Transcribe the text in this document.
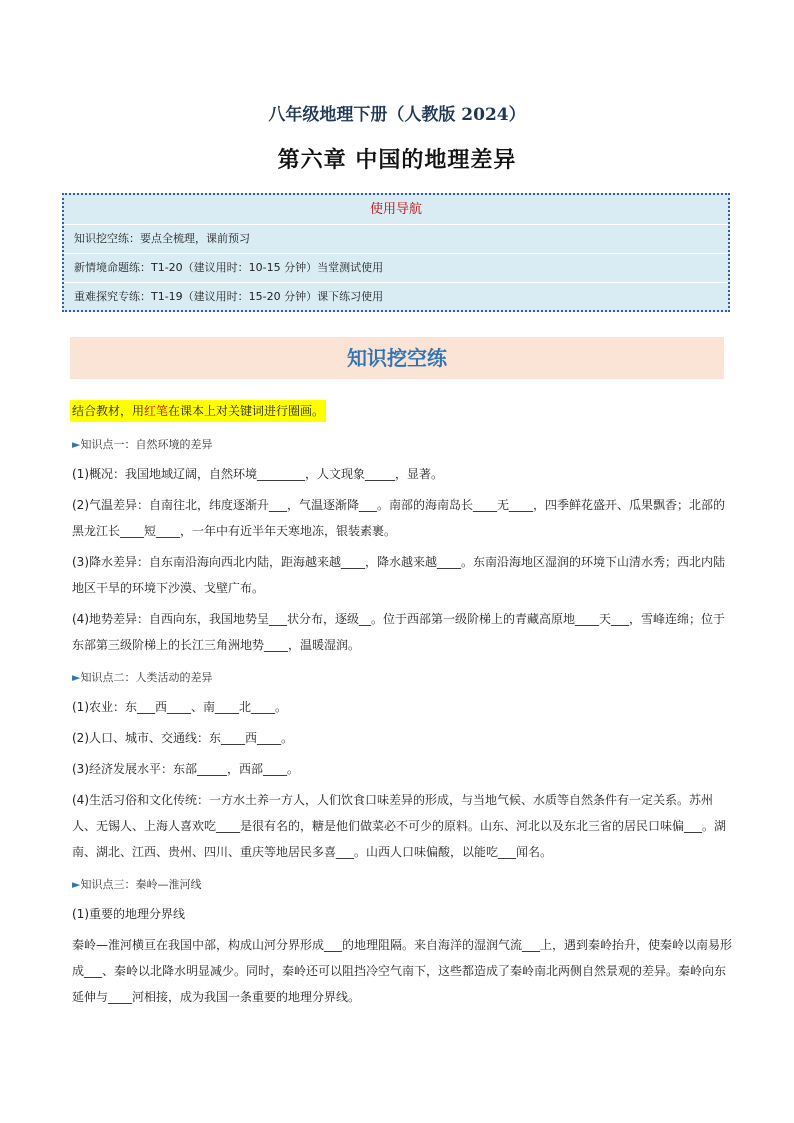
八年级地理下册（人教版 2024）
第六章 中国的地理差异
使用导航
知识挖空练：要点全梳理，课前预习
新情境命题练：T1-20（建议用时：10-15 分钟）当堂测试使用
重难探究专练：T1-19（建议用时：15-20 分钟）课下练习使用
知识挖空练
结合教材，用红笔在课本上对关键词进行圈画。
►知识点一：自然环境的差异

(1)概况：我国地域辽阔，自然环境________，人文现象_____，显著。

(2)气温差异：自南往北，纬度逐渐升___，气温逐渐降___。南部的海南岛长____无____，四季鲜花盛开、瓜果飘香；北部的黑龙江长____短____，一年中有近半年天寒地冻，银装素裹。

(3)降水差异：自东南沿海向西北内陆，距海越来越____，降水越来越____。东南沿海地区湿润的环境下山清水秀；西北内陆地区干旱的环境下沙漠、戈壁广布。

(4)地势差异：自西向东，我国地势呈___状分布，逐级__。位于西部第一级阶梯上的青藏高原地____天___，雪峰连绵；位于东部第三级阶梯上的长江三角洲地势____，温暖湿润。

►知识点二：人类活动的差异

(1)农业：东___西____、南____北____。

(2)人口、城市、交通线：东____西____。

(3)经济发展水平：东部_____，西部____。

(4)生活习俗和文化传统：一方水土养一方人，人们饮食口味差异的形成，与当地气候、水质等自然条件有一定关系。苏州人、无锡人、上海人喜欢吃____是很有名的，糖是他们做菜必不可少的原料。山东、河北以及东北三省的居民口味偏___。湖南、湖北、江西、贵州、四川、重庆等地居民多喜___。山西人口味偏酸，以能吃___闻名。

►知识点三：秦岭—淮河线

(1)重要的地理分界线

秦岭—淮河横亘在我国中部，构成山河分界形成___的地理阻隔。来自海洋的湿润气流___上，遇到秦岭抬升，使秦岭以南易形成___、秦岭以北降水明显减少。同时，秦岭还可以阻挡冷空气南下，这些都造成了秦岭南北两侧自然景观的差异。秦岭向东延伸与____河相接，成为我国一条重要的地理分界线。
